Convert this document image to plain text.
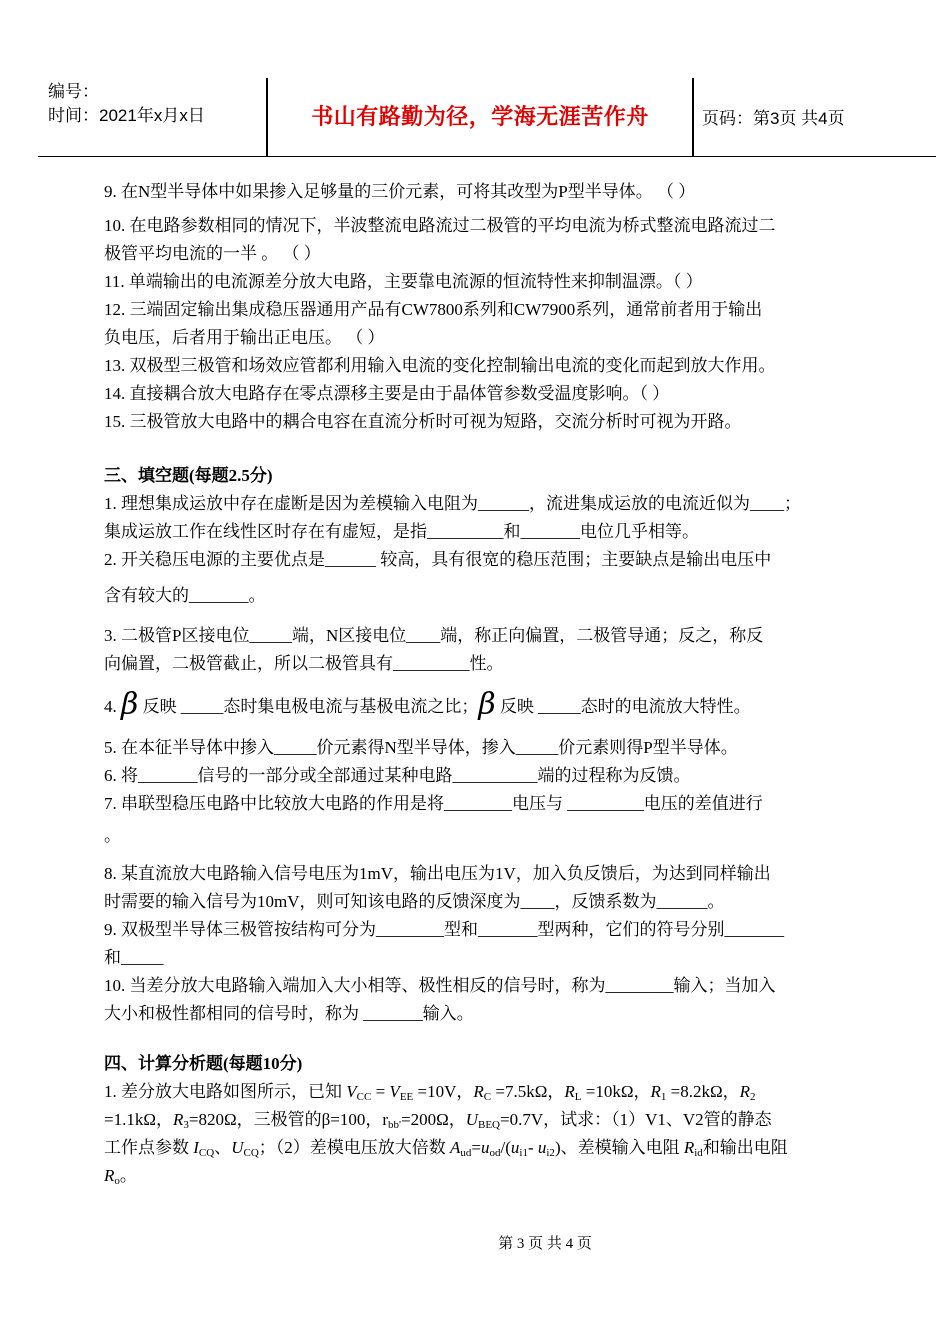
编号：
时间：2021年x月x日	书山有路勤为径，学海无涯苦作舟	页码：第3页 共4页
9. 在N型半导体中如果掺入足够量的三价元素，可将其改型为P型半导体。 （ ）
10. 在电路参数相同的情况下，半波整流电路流过二极管的平均电流为桥式整流电路流过二
极管平均电流的一半 。 （ ）
11. 单端输出的电流源差分放大电路，主要靠电流源的恒流特性来抑制温漂。（ ）
12. 三端固定输出集成稳压器通用产品有CW7800系列和CW7900系列，通常前者用于输出
负电压，后者用于输出正电压。 （ ）
13. 双极型三极管和场效应管都利用输入电流的变化控制输出电流的变化而起到放大作用。
14. 直接耦合放大电路存在零点漂移主要是由于晶体管参数受温度影响。（ ）
15. 三极管放大电路中的耦合电容在直流分析时可视为短路，交流分析时可视为开路。
三、填空题(每题2.5分)
1. 理想集成运放中存在虚断是因为差模输入电阻为______，流进集成运放的电流近似为____；
集成运放工作在线性区时存在有虚短，是指_________和_______电位几乎相等。
2. 开关稳压电源的主要优点是______ 较高，具有很宽的稳压范围；主要缺点是输出电压中
含有较大的_______。
3. 二极管P区接电位_____端，N区接电位____端，称正向偏置，二极管导通；反之，称反
向偏置，二极管截止，所以二极管具有_________性。
4. β 反映 _____态时集电极电流与基极电流之比；β 反映 _____态时的电流放大特性。
5. 在本征半导体中掺入_____价元素得N型半导体，掺入_____价元素则得P型半导体。
6. 将_______信号的一部分或全部通过某种电路__________端的过程称为反馈。
7. 串联型稳压电路中比较放大电路的作用是将________电压与 _________电压的差值进行
。
8. 某直流放大电路输入信号电压为1mV，输出电压为1V，加入负反馈后，为达到同样输出
时需要的输入信号为10mV，则可知该电路的反馈深度为____，反馈系数为______。
9. 双极型半导体三极管按结构可分为________型和_______型两种，它们的符号分别_______
和_____
10. 当差分放大电路输入端加入大小相等、极性相反的信号时，称为________输入；当加入
大小和极性都相同的信号时，称为 _______输入。
四、计算分析题(每题10分)
1. 差分放大电路如图所示，已知 $V_{CC} = V_{EE} =10V$，$R_C =7.5k\Omega$，$R_L =10k\Omega$，$R_1 =8.2k\Omega$，$R_2$
=1.1kΩ，$R_3=820\Omega$，三极管的β=100，$r_{bb'}=200\Omega$，$U_{BEQ}=0.7V$，试求：（1）V1、V2管的静态
工作点参数 $I_{CQ}$、$U_{CQ}$；（2）差模电压放大倍数 $A_{ud}=u_{od}/(u_{i1}-$ $u_{i2}$)、差模输入电阻 $R_{id}$和输出电阻
$R_o$。
第 3 页 共 4 页
